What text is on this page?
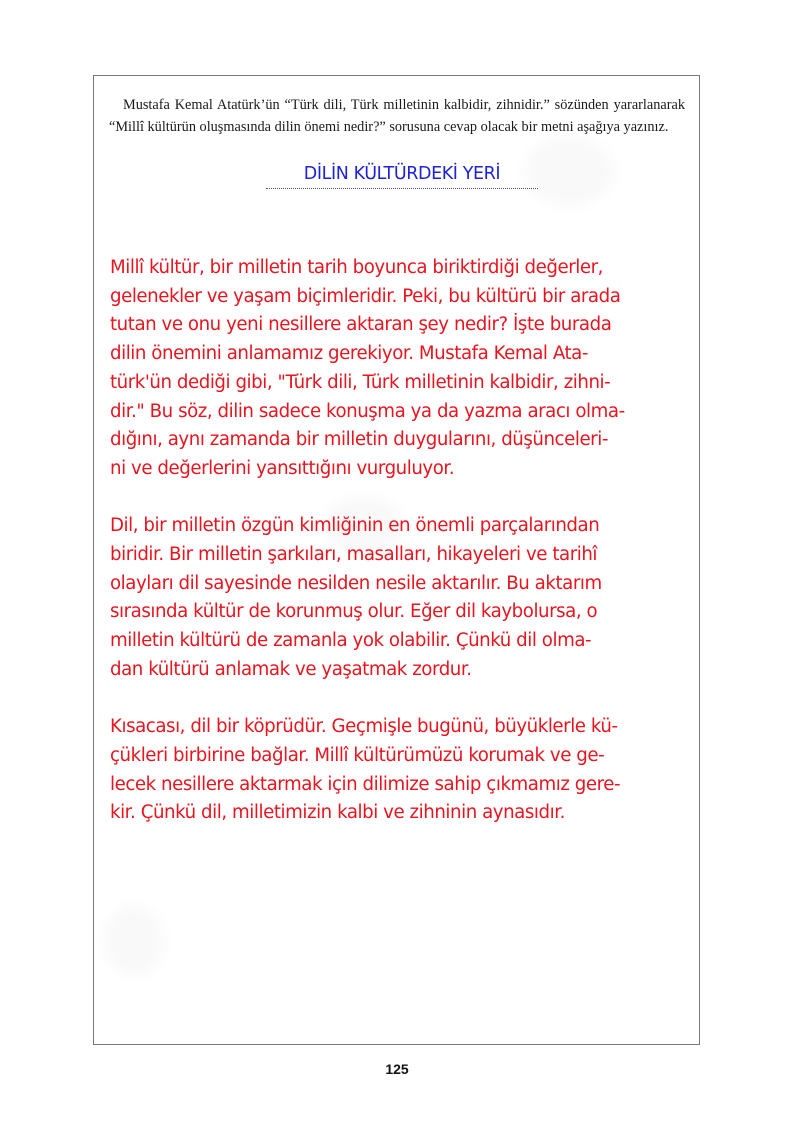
Mustafa Kemal Atatürk’ün “Türk dili, Türk milletinin kalbidir, zihnidir.” sözünden yararlanarak “Millî kültürün oluşmasında dilin önemi nedir?” sorusuna cevap olacak bir metni aşağıya yazınız.

DİLİN KÜLTÜRDEKİ YERİ

Millî kültür, bir milletin tarih boyunca biriktirdiği değerler,
gelenekler ve yaşam biçimleridir. Peki, bu kültürü bir arada
tutan ve onu yeni nesillere aktaran şey nedir? İşte burada
dilin önemini anlamamız gerekiyor. Mustafa Kemal Ata-
türk'ün dediği gibi, "Türk dili, Türk milletinin kalbidir, zihni-
dir." Bu söz, dilin sadece konuşma ya da yazma aracı olma-
dığını, aynı zamanda bir milletin duygularını, düşünceleri-
ni ve değerlerini yansıttığını vurguluyor.

Dil, bir milletin özgün kimliğinin en önemli parçalarından
biridir. Bir milletin şarkıları, masalları, hikayeleri ve tarihî
olayları dil sayesinde nesilden nesile aktarılır. Bu aktarım
sırasında kültür de korunmuş olur. Eğer dil kaybolursa, o
milletin kültürü de zamanla yok olabilir. Çünkü dil olma-
dan kültürü anlamak ve yaşatmak zordur.

Kısacası, dil bir köprüdür. Geçmişle bugünü, büyüklerle kü-
çükleri birbirine bağlar. Millî kültürümüzü korumak ve ge-
lecek nesillere aktarmak için dilimize sahip çıkmamız gere-
kir. Çünkü dil, milletimizin kalbi ve zihninin aynasıdır.

125
